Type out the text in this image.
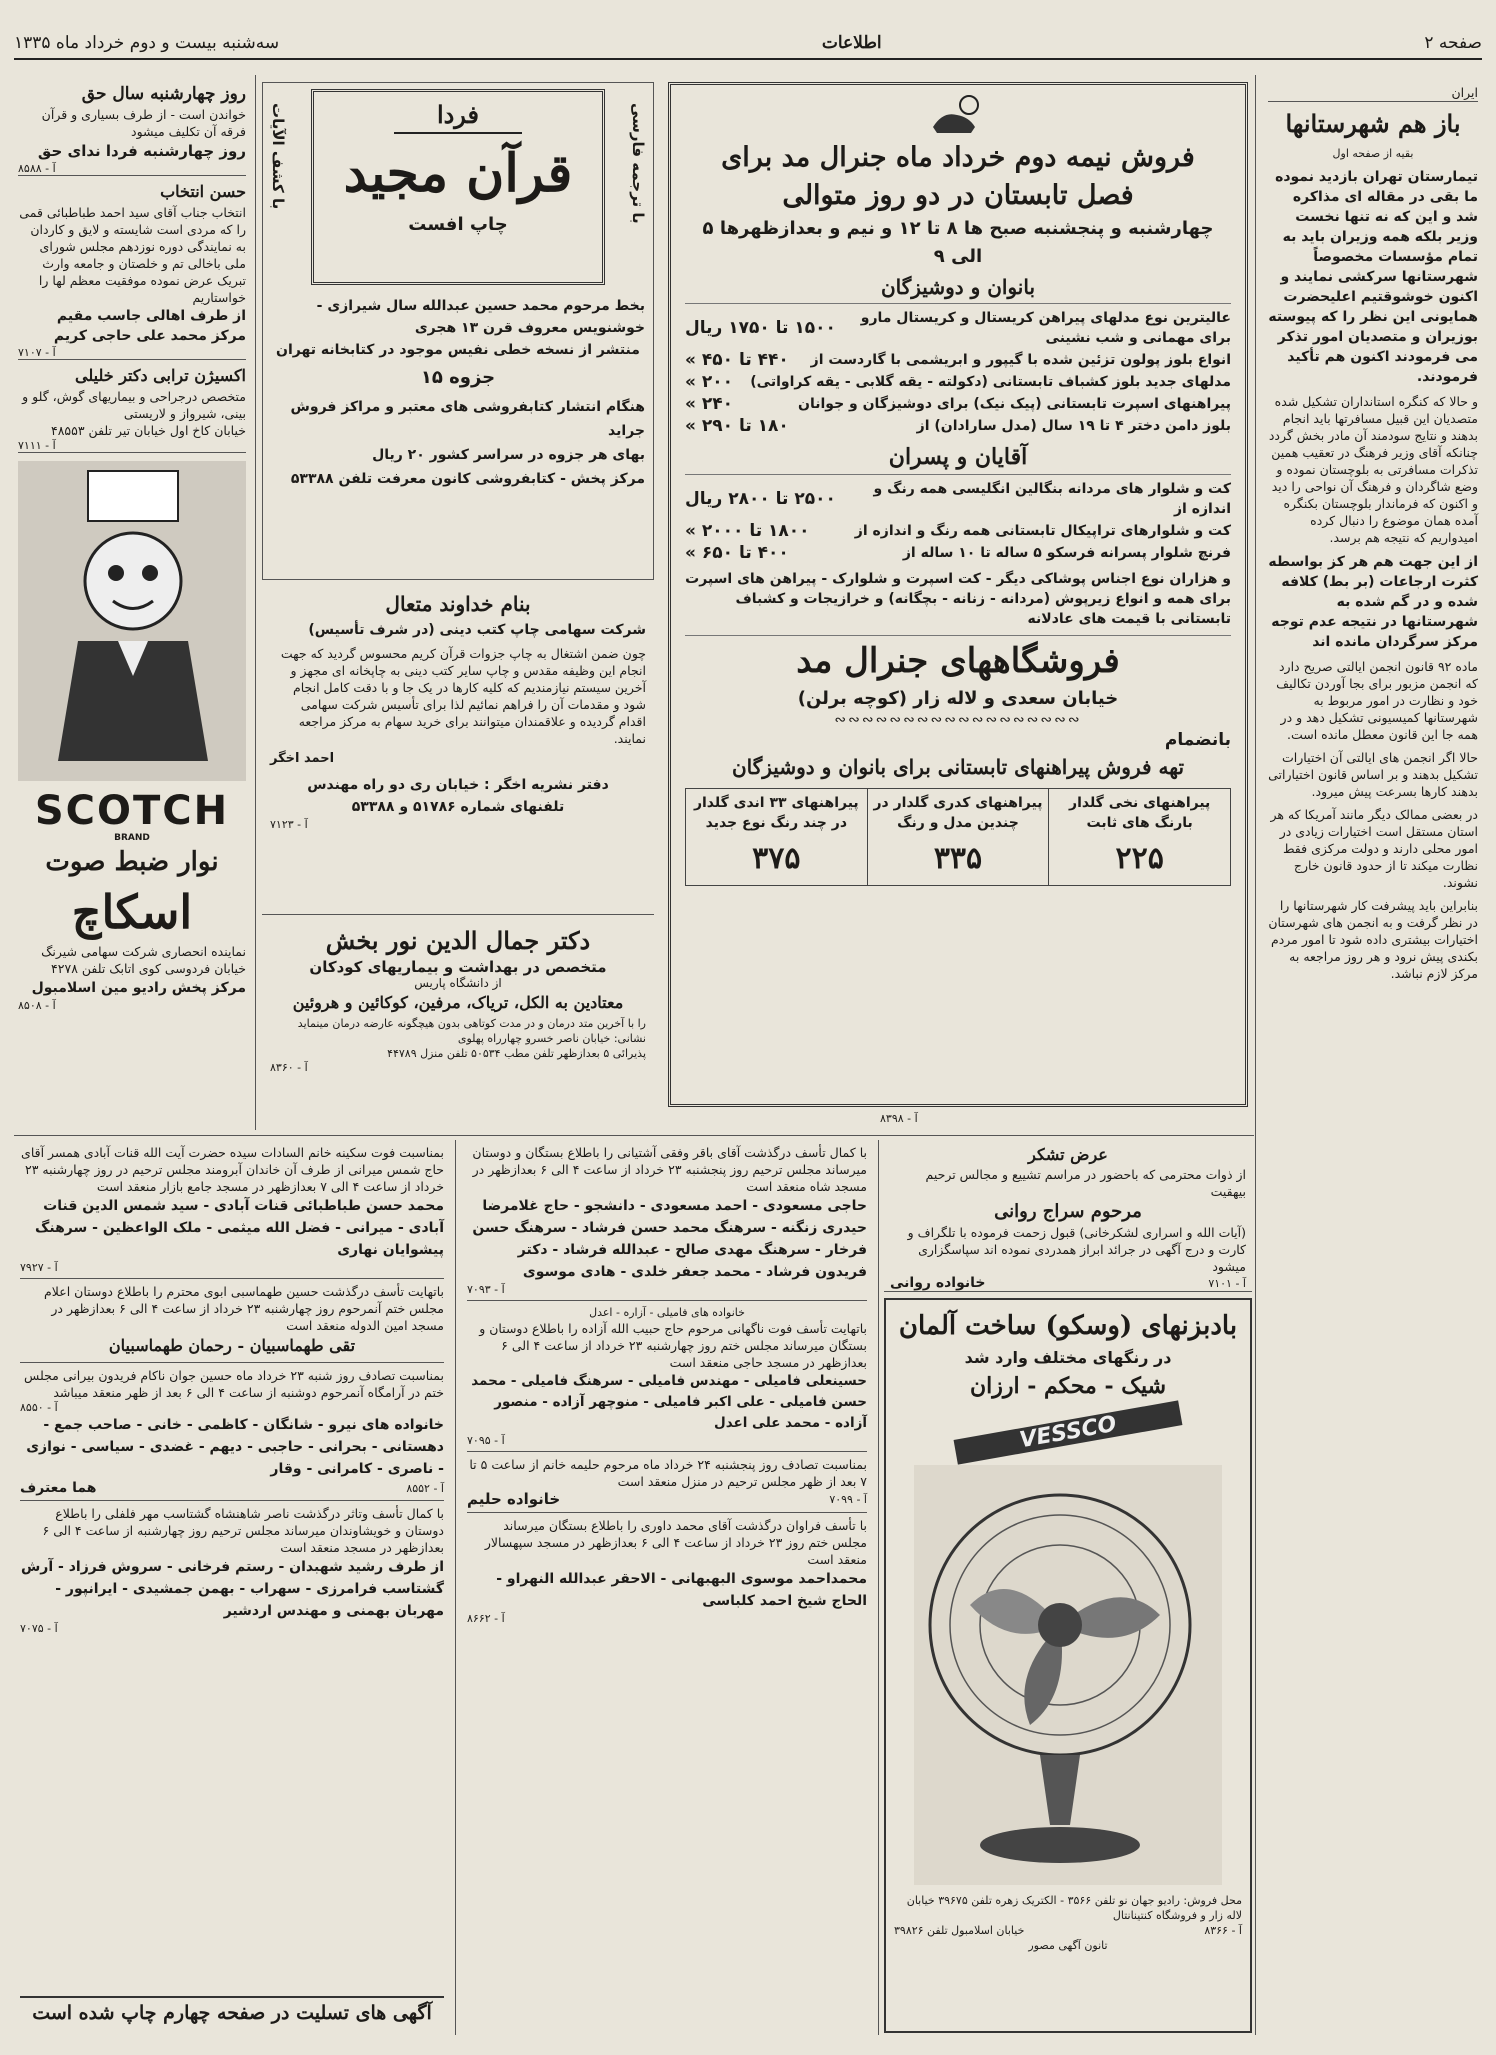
صفحه ۲
اطلاعات
سه‌شنبه بیست و دوم خرداد ماه ۱۳۳۵
ایران
باز هم شهرستانها

بقیه از صفحه اول

تیمارستان تهران بازدید نموده ما بقی در مقاله ای مذاکره شد و این که نه تنها نخست وزیر بلکه همه وزیران باید به تمام مؤسسات مخصوصاً شهرستانها سرکشی نمایند و اکنون خوشوقتیم اعلیحضرت همایونی این نظر را که پیوسته بوزیران و متصدیان امور تذکر می فرمودند اکنون هم تأکید فرمودند.

و حالا که کنگره استانداران تشکیل شده متصدیان این قبیل مسافرتها باید انجام بدهند و نتایج سودمند آن مادر بخش گردد چنانکه آقای وزیر فرهنگ در تعقیب همین تذکرات مسافرتی به بلوچستان نموده و وضع شاگردان و فرهنگ آن نواحی را دید و اکنون که فرماندار بلوچستان بکنگره آمده همان موضوع را دنبال کرده امیدواریم که نتیجه هم برسد.

از این جهت هم هر کز بواسطه کثرت ارجاعات (بر بط) کلافه شده و در گم شده به شهرستانها در نتیجه عدم توجه مرکز سرگردان مانده اند

ماده ۹۲ قانون انجمن ایالتی صریح دارد که انجمن مزبور برای بجا آوردن تکالیف خود و نظارت در امور مربوط به شهرستانها کمیسیونی تشکیل دهد و در همه جا این قانون معطل مانده است.

حالا اگر انجمن های ایالتی آن اختیارات تشکیل بدهند و بر اساس قانون اختیاراتی بدهند کارها بسرعت پیش میرود.

در بعضی ممالک دیگر مانند آمریکا که هر استان مستقل است اختیارات زیادی در امور محلی دارند و دولت مرکزی فقط نظارت میکند تا از حدود قانون خارج نشوند.

بنابراین باید پیشرفت کار شهرستانها را در نظر گرفت و به انجمن های شهرستان اختیارات بیشتری داده شود تا امور مردم بکندی پیش نرود و هر روز مراجعه به مرکز لازم نباشد.

فروش نیمه دوم خرداد ماه جنرال مد برای
فصل تابستان در دو روز متوالی
چهارشنبه و پنجشنبه صبح ها ۸ تا ۱۲ و نیم و بعدازظهرها ۵ الی ۹
بانوان و دوشیزگان
عالیترین نوع مدلهای پیراهن کریستال و کریستال مارو برای مهمانی و شب نشینی
۱۵۰۰ تا ۱۷۵۰ ریال
انواع بلوز پولون تزئین شده با گیپور و ابریشمی با گاردست از
۴۴۰ تا ۴۵۰ »
مدلهای جدید بلوز کشباف تابستانی (دکولته - یقه گلابی - یقه کراواتی)
۲۰۰ »
پیراهنهای اسپرت تابستانی (پیک نیک) برای دوشیزگان و جوانان
۲۴۰ »
بلوز دامن دختر ۴ تا ۱۹ سال (مدل سارادان) از
۱۸۰ تا ۲۹۰ »
آقایان و پسران
کت و شلوار های مردانه بنگالین انگلیسی همه رنگ و اندازه از
۲۵۰۰ تا ۲۸۰۰ ریال
کت و شلوارهای تراپیکال تابستانی همه رنگ و اندازه از
۱۸۰۰ تا ۲۰۰۰ »
فرنچ شلوار پسرانه فرسکو ۵ ساله تا ۱۰ ساله از
۴۰۰ تا ۶۵۰ »

و هزاران نوع اجناس پوشاکی دیگر - کت اسپرت و شلوارک - پیراهن های اسپرت برای همه و انواع زیرپوش (مردانه - زنانه - بچگانه) و خرازیجات و کشباف تابستانی با قیمت های عادلانه

فروشگاههای جنرال مد
خیابان سعدی و لاله زار (کوچه برلن)
∾∾∾∾∾∾∾∾∾∾∾∾∾∾∾∾∾∾
بانضمام
تهه فروش پیراهنهای تابستانی برای بانوان و دوشیزگان
پیراهنهای نخی گلدار بارنگ های ثابت
۲۲۵
پیراهنهای کدری گلدار در چندین مدل و رنگ
۳۳۵
پیراهنهای ۳۳ اندی گلدار در چند رنگ نوع جدید
۳۷۵
آ - ۸۳۹۸
فردا
قرآن مجید
چاپ افست
با ترجمه فارسی
با کشف الآیات

بخط مرحوم محمد حسین عبدالله سال شیرازی - خوشنویس معروف قرن ۱۳ هجری

منتشر از نسخه خطی نفیس موجود در کتابخانه تهران

جزوه ۱۵

هنگام انتشار کتابفروشی های معتبر و مراکز فروش جراید

بهای هر جزوه در سراسر کشور ۲۰ ریال

مرکز پخش - کتابفروشی کانون معرفت تلفن ۵۳۳۸۸

بنام خداوند متعال
شرکت سهامی چاپ کتب دینی (در شرف تأسیس)

چون ضمن اشتغال به چاپ جزوات قرآن کریم محسوس گردید که جهت انجام این وظیفه مقدس و چاپ سایر کتب دینی به چاپخانه ای مجهز و آخرین سیستم نیازمندیم که کلیه کارها در یک جا و با دقت کامل انجام شود و مقدمات آن را فراهم نمائیم لذا برای تأسیس شرکت سهامی اقدام گردیده و علاقمندان میتوانند برای خرید سهام به مرکز مراجعه نمایند.

احمد اخگر
دفتر نشریه اخگر : خیابان ری دو راه مهندس
تلفنهای شماره ۵۱۷۸۶ و ۵۳۳۸۸
آ - ۷۱۲۳
دکتر جمال الدین نور بخش
متخصص در بهداشت و بیماریهای کودکان
از دانشگاه پاریس
معتادین به الکل، تریاک، مرفین، کوکائین و هروئین

را با آخرین متد درمان و در مدت کوتاهی بدون هیچگونه عارضه درمان مینماید

نشانی: خیابان ناصر خسرو چهارراه پهلوی

پذیرائی ۵ بعدازظهر تلفن مطب ۵۰۵۳۴ تلفن منزل ۴۴۷۸۹

آ - ۸۳۶۰
روز چهارشنبه سال حق

خواندن است - از طرف بسیاری و قرآن فرقه آن تکلیف میشود

روز چهارشنبه فردا ندای حق
آ - ۸۵۸۸
حسن انتخاب

انتخاب جناب آقای سید احمد طباطبائی قمی را که مردی است شایسته و لایق و کاردان به نمایندگی دوره نوزدهم مجلس شورای ملی باخالی تم و خلصتان و جامعه وارث تبریک عرض نموده موفقیت معظم لها را خواستاریم

از طرف اهالی جاسب مقیم
مرکز محمد علی حاجی کریم
آ - ۷۱۰۷
اکسیژن ترابی دکتر خلیلی

متخصص درجراحی و بیماریهای گوش، گلو و بینی، شیرواز و لاریستی

خیابان کاخ اول خیابان تیر تلفن ۴۸۵۵۳

آ - ۷۱۱۱
SCOTCH
BRAND
نوار ضبط صوت
اسکاچ

نماینده انحصاری شرکت سهامی شیرنگ خیابان فردوسی کوی اتابک تلفن ۴۲۷۸

مرکز پخش رادیو مین اسلامبول
آ - ۸۵۰۸
عرض تشکر

از ذوات محترمی که باحضور در مراسم تشییع و مجالس ترحیم بیهقیت

مرحوم سراج روانی

(آیات الله و اسراری لشکرخانی) قبول زحمت فرموده با تلگراف و کارت و درج آگهی در جرائد ابراز همدردی نموده اند سپاسگزاری میشود

آ - ۷۱۰۱
خانواده روانی
بادبزنهای (وسکو) ساخت آلمان
در رنگهای مختلف وارد شد
شیک - محکم - ارزان
VESSCO

محل فروش: رادیو جهان نو تلفن ۳۵۶۶ - الکتریک زهره تلفن ۳۹۶۷۵ خیابان لاله زار و فروشگاه کنتینانتال

آ - ۸۳۶۶
خیابان اسلامبول تلفن ۳۹۸۲۶
تانون آگهی مصور

با کمال تأسف درگذشت آقای باقر وفقی آشتیانی را باطلاع بستگان و دوستان میرساند مجلس ترحیم روز پنجشنبه ۲۳ خرداد از ساعت ۴ الی ۶ بعدازظهر در مسجد شاه منعقد است

حاجی مسعودی - احمد مسعودی - دانشجو - حاج غلامرضا حیدری زنگنه - سرهنگ محمد حسن فرشاد - سرهنگ حسن فرخار - سرهنگ مهدی صالح - عبدالله فرشاد - دکتر فریدون فرشاد - محمد جعفر خلدی - هادی موسوی

آ - ۷۰۹۳
خانواده های فامیلی - آزاره - اعدل

باتهایت تأسف فوت ناگهانی مرحوم حاج حبیب الله آزاده را باطلاع دوستان و بستگان میرساند مجلس ختم روز چهارشنبه ۲۳ خرداد از ساعت ۴ الی ۶ بعدازظهر در مسجد حاجی منعقد است

حسینعلی فامیلی - مهندس فامیلی - سرهنگ فامیلی - محمد حسن فامیلی - علی اکبر فامیلی - منوچهر آزاده - منصور آزاده - محمد علی اعدل

آ - ۷۰۹۵

بمناسبت تصادف روز پنجشنبه ۲۴ خرداد ماه مرحوم حلیمه خانم از ساعت ۵ تا ۷ بعد از ظهر مجلس ترحیم در منزل منعقد است

آ - ۷۰۹۹
خانواده حلیم

با تأسف فراوان درگذشت آقای محمد داوری را باطلاع بستگان میرساند مجلس ختم روز ۲۳ خرداد از ساعت ۴ الی ۶ بعدازظهر در مسجد سپهسالار منعقد است

محمداحمد موسوی البهبهانی - الاحقر عبدالله النهراو - الحاج شیخ احمد کلباسی

آ - ۸۶۶۲

بمناسبت فوت سکینه خانم السادات سیده حضرت آیت الله قنات آبادی همسر آقای حاج شمس میرانی از طرف آن خاندان آبرومند مجلس ترحیم در روز چهارشنبه ۲۳ خرداد از ساعت ۴ الی ۷ بعدازظهر در مسجد جامع بازار منعقد است

محمد حسن طباطبائی قنات آبادی - سید شمس الدین قنات آبادی - میرانی - فضل الله میثمی - ملک الواعظین - سرهنگ پیشوایان نهاری

آ - ۷۹۲۷

باتهایت تأسف درگذشت حسین طهماسبی ابوی محترم را باطلاع دوستان اعلام مجلس ختم آنمرحوم روز چهارشنبه ۲۳ خرداد از ساعت ۴ الی ۶ بعدازظهر در مسجد امین الدوله منعقد است

تقی طهماسبیان - رحمان طهماسبیان

بمناسبت تصادف روز شنبه ۲۳ خرداد ماه حسین جوان ناکام فریدون بیرانی مجلس ختم در آرامگاه آنمرحوم دوشنبه از ساعت ۴ الی ۶ بعد از ظهر منعقد میباشد

آ - ۸۵۵۰

خانواده های نیرو - شانگان - کاظمی - خانی - صاحب جمع - دهستانی - بحرانی - حاجبی - دیهم - غضدی - سیاسی - نوازی - ناصری - کامرانی - وقار

آ - ۸۵۵۲
هما معترف

با کمال تأسف وتاثر درگذشت ناصر شاهنشاه گشتاسب مهر فلفلی را باطلاع دوستان و خویشاوندان میرساند مجلس ترحیم روز چهارشنبه از ساعت ۴ الی ۶ بعدازظهر در مسجد منعقد است

از طرف رشید شهبدان - رستم فرخانی - سروش فرزاد - آرش گشتاسب فرامرزی - سهراب - بهمن جمشیدی - ایرانپور - مهربان بهمنی و مهندس اردشیر

آ - ۷۰۷۵
آگهی های تسلیت در صفحه چهارم چاپ شده است
